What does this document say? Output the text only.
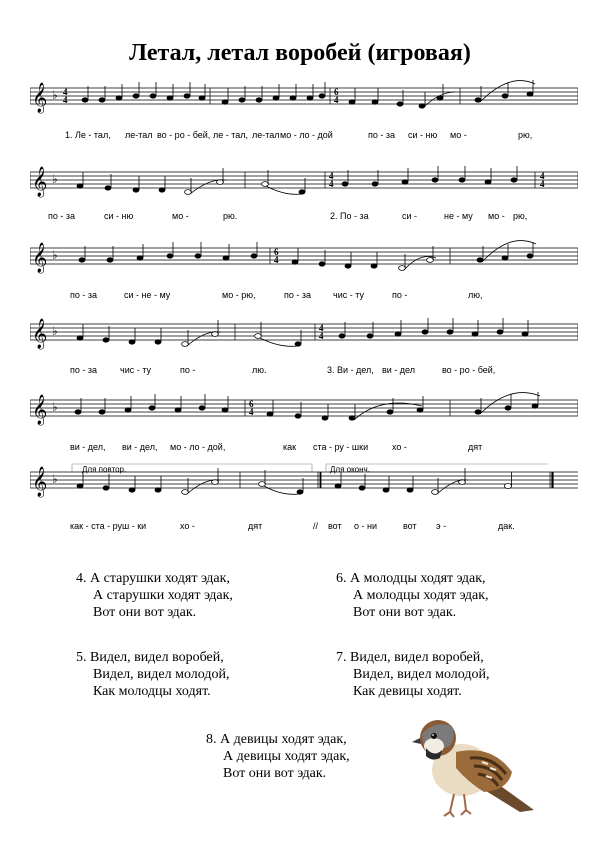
Летал, летал воробей (игровая)
𝄞 ♭ 4
4
6
4
1. Ле - тал, ле-тал во - ро - бей, ле - тал, ле-тал мо - ло - дой	по - за си - ню мо -	рю,
𝄞 ♭	4
4
4
4
по - за	си - ню	мо -	рю.	2. По - за	си -	не - му мо - рю,
𝄞 ♭	6
4
по - за	си - не - му	мо - рю,	по - за чис - ту	по -	лю,
𝄞 ♭	4
4
по - за	чис - ту	по -	лю.	3. Ви - дел, ви - дел	во - ро - бей,
𝄞 ♭	6
4
ви - дел, ви - дел, мо - ло - дой,	как ста - ру - шки	хо -	дят
𝄞 ♭
Для повтор.	Для оконч.
как - ста - руш - ки	хо -	дят	// вот о - ни	вот э -	дак.
4. А старушки ходят эдак,
А старушки ходят эдак,
Вот они вот эдак.
6. А молодцы ходят эдак,
А молодцы ходят эдак,
Вот они вот эдак.
5. Видел, видел воробей,
Видел, видел молодой,
Как молодцы ходят.
7. Видел, видел воробей,
Видел, видел молодой,
Как девицы ходят.
8. А девицы ходят эдак,
А девицы ходят эдак,
Вот они вот эдак.
